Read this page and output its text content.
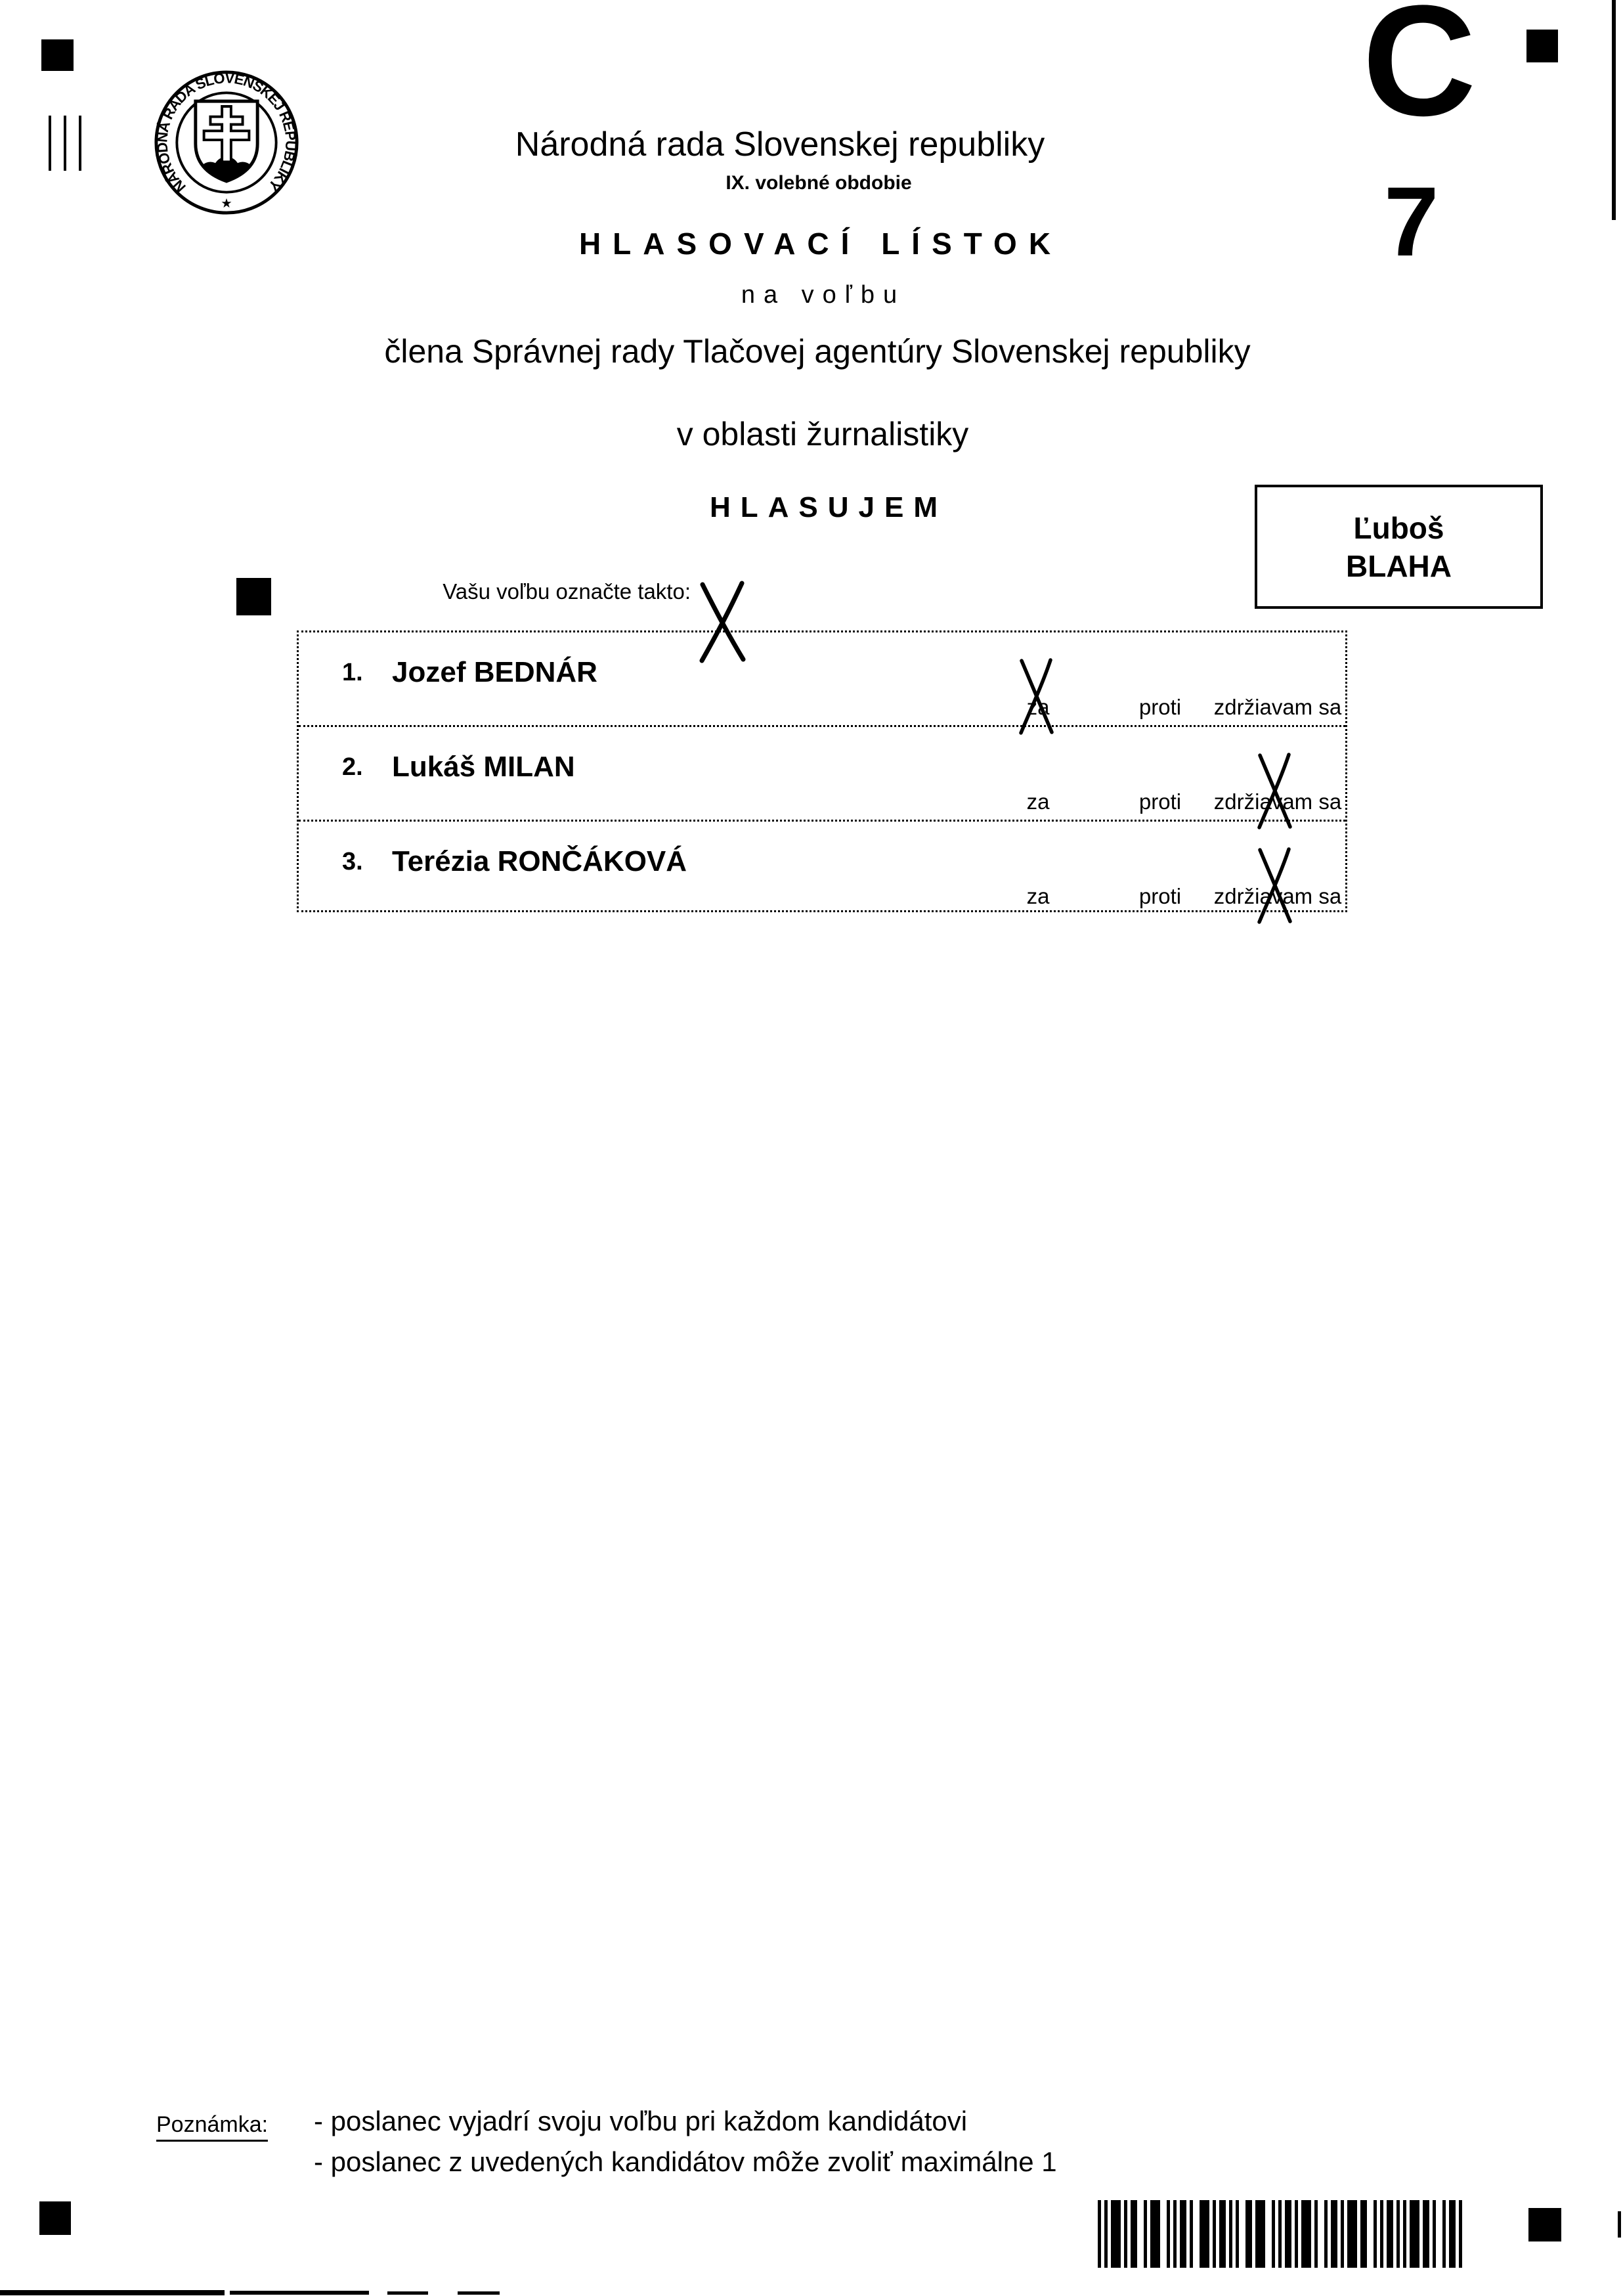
NÁRODNÁ RADA SLOVENSKEJ REPUBLIKY
★
Národná rada Slovenskej republiky
IX. volebné obdobie
HLASOVACÍ LÍSTOK
na voľbu
člena Správnej rady Tlačovej agentúry Slovenskej republiky
v oblasti žurnalistiky
HLASUJEM
C
7
Ľuboš
BLAHA
Vašu voľbu označte takto:
1. Jozef BEDNÁR
za	proti zdržiavam sa
2. Lukáš MILAN
za	proti zdržiavam sa
3. Terézia RONČÁKOVÁ
za	proti zdržiavam sa
Poznámka: - poslanec vyjadrí svoju voľbu pri každom kandidátovi
- poslanec z uvedených kandidátov môže zvoliť maximálne 1
